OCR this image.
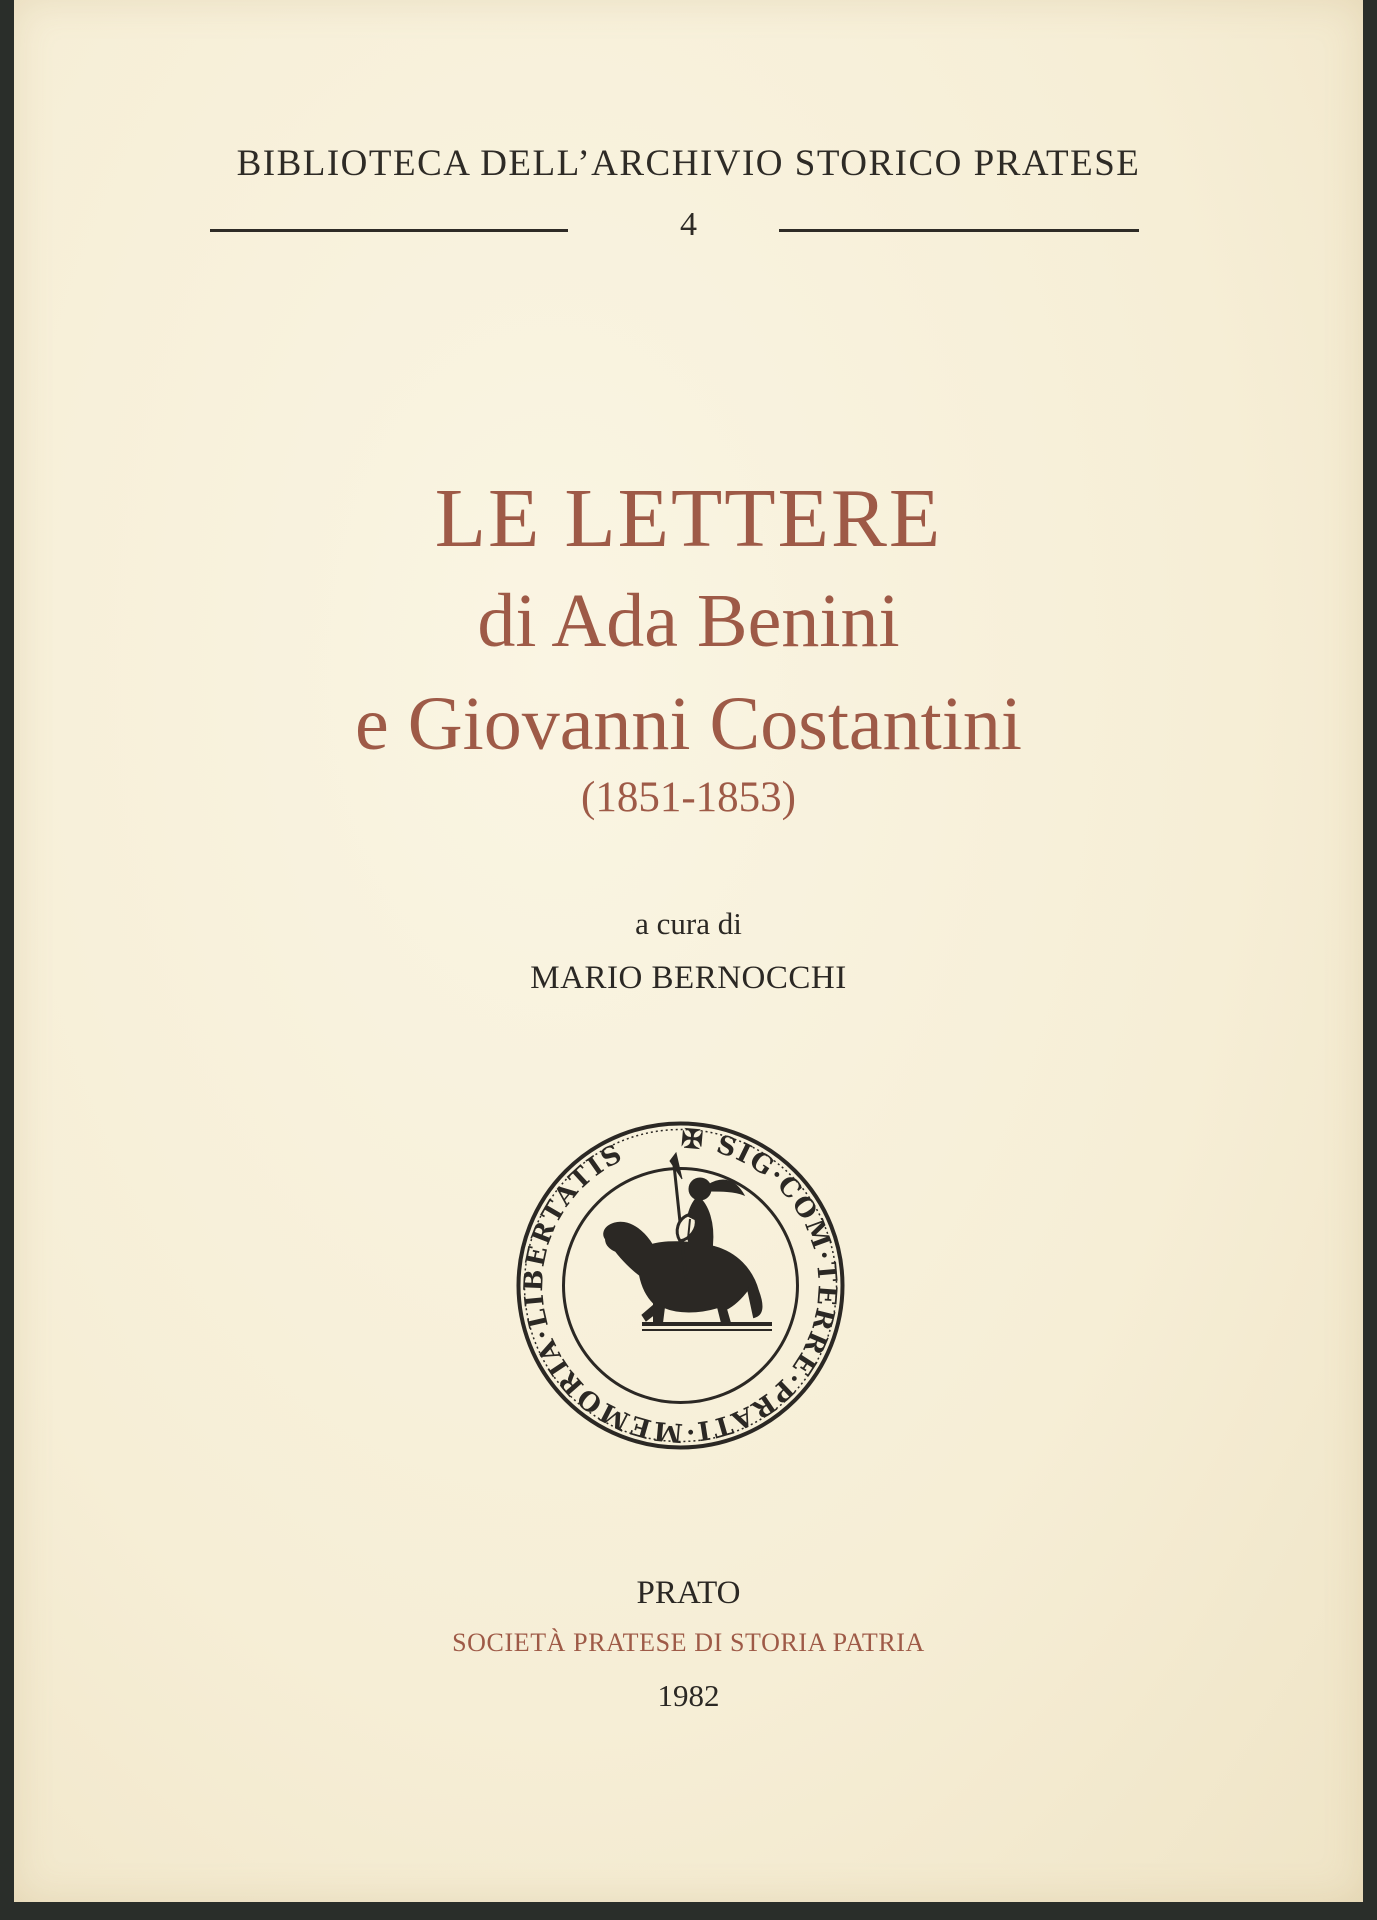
BIBLIOTECA DELL’ARCHIVIO STORICO PRATESE
4
LE LETTERE
di Ada Benini
e Giovanni Costantini
(1851-1853)
a cura di
MARIO BERNOCCHI
✠ SIG·COM·TERRE·PRATI·MEMORIA·LIBERTATIS
PRATO
SOCIETÀ PRATESE DI STORIA PATRIA
1982
